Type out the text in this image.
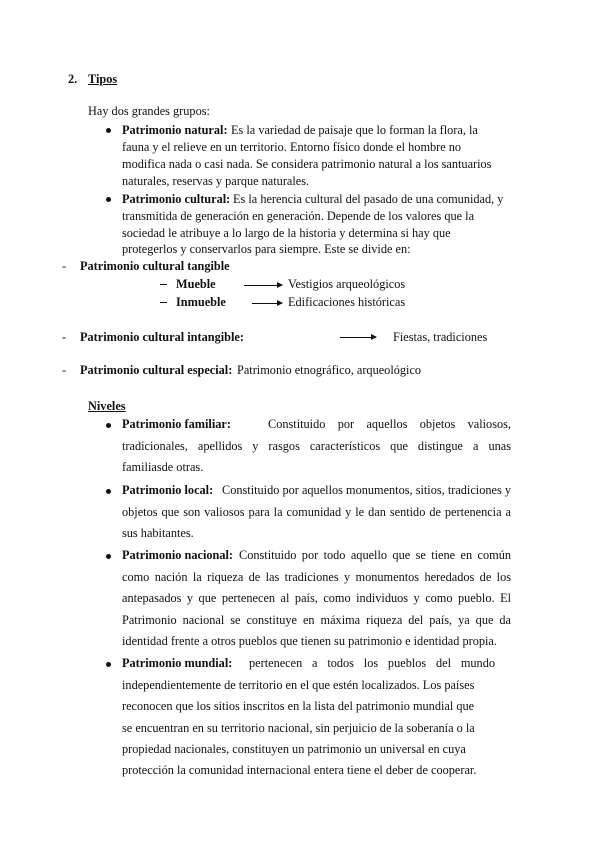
2. Tipos
Hay dos grandes grupos:
Patrimonio natural: Es la variedad de paisaje que lo forman la flora, la
fauna y el relieve en un territorio. Entorno físico donde el hombre no
modifica nada o casi nada. Se considera patrimonio natural a los santuarios
naturales, reservas y parque naturales.
Patrimonio cultural: Es la herencia cultural del pasado de una comunidad, y
transmitida de generación en generación. Depende de los valores que la
sociedad le atribuye a lo largo de la historia y determina si hay que
protegerlos y conservarlos para siempre. Este se divide en:
- Patrimonio cultural tangible
Mueble	Vestigios arqueológicos
Inmueble	Edificaciones históricas
- Patrimonio cultural intangible:	Fiestas, tradiciones
- Patrimonio cultural especial: Patrimonio etnográfico, arqueológico
Niveles
Patrimonio familiar:	Constituido por aquellos objetos valiosos,
tradicionales, apellidos y rasgos característicos que distingue a unas
familiasde otras.
Patrimonio local: Constituido por aquellos monumentos, sitios, tradiciones y
objetos que son valiosos para la comunidad y le dan sentido de pertenencia a
sus habitantes.
Patrimonio nacional: Constituido por todo aquello que se tiene en común
como nación la riqueza de las tradiciones y monumentos heredados de los
antepasados y que pertenecen al país, como individuos y como pueblo. El
Patrimonio nacional se constituye en máxima riqueza del país, ya que da
identidad frente a otros pueblos que tienen su patrimonio e identidad propia.
Patrimonio mundial: pertenecen a todos los pueblos del mundo
independientemente de territorio en el que estén localizados. Los países
reconocen que los sitios inscritos en la lista del patrimonio mundial que
se encuentran en su territorio nacional, sin perjuicio de la soberanía o la
propiedad nacionales, constituyen un patrimonio un universal en cuya
protección la comunidad internacional entera tiene el deber de cooperar.
